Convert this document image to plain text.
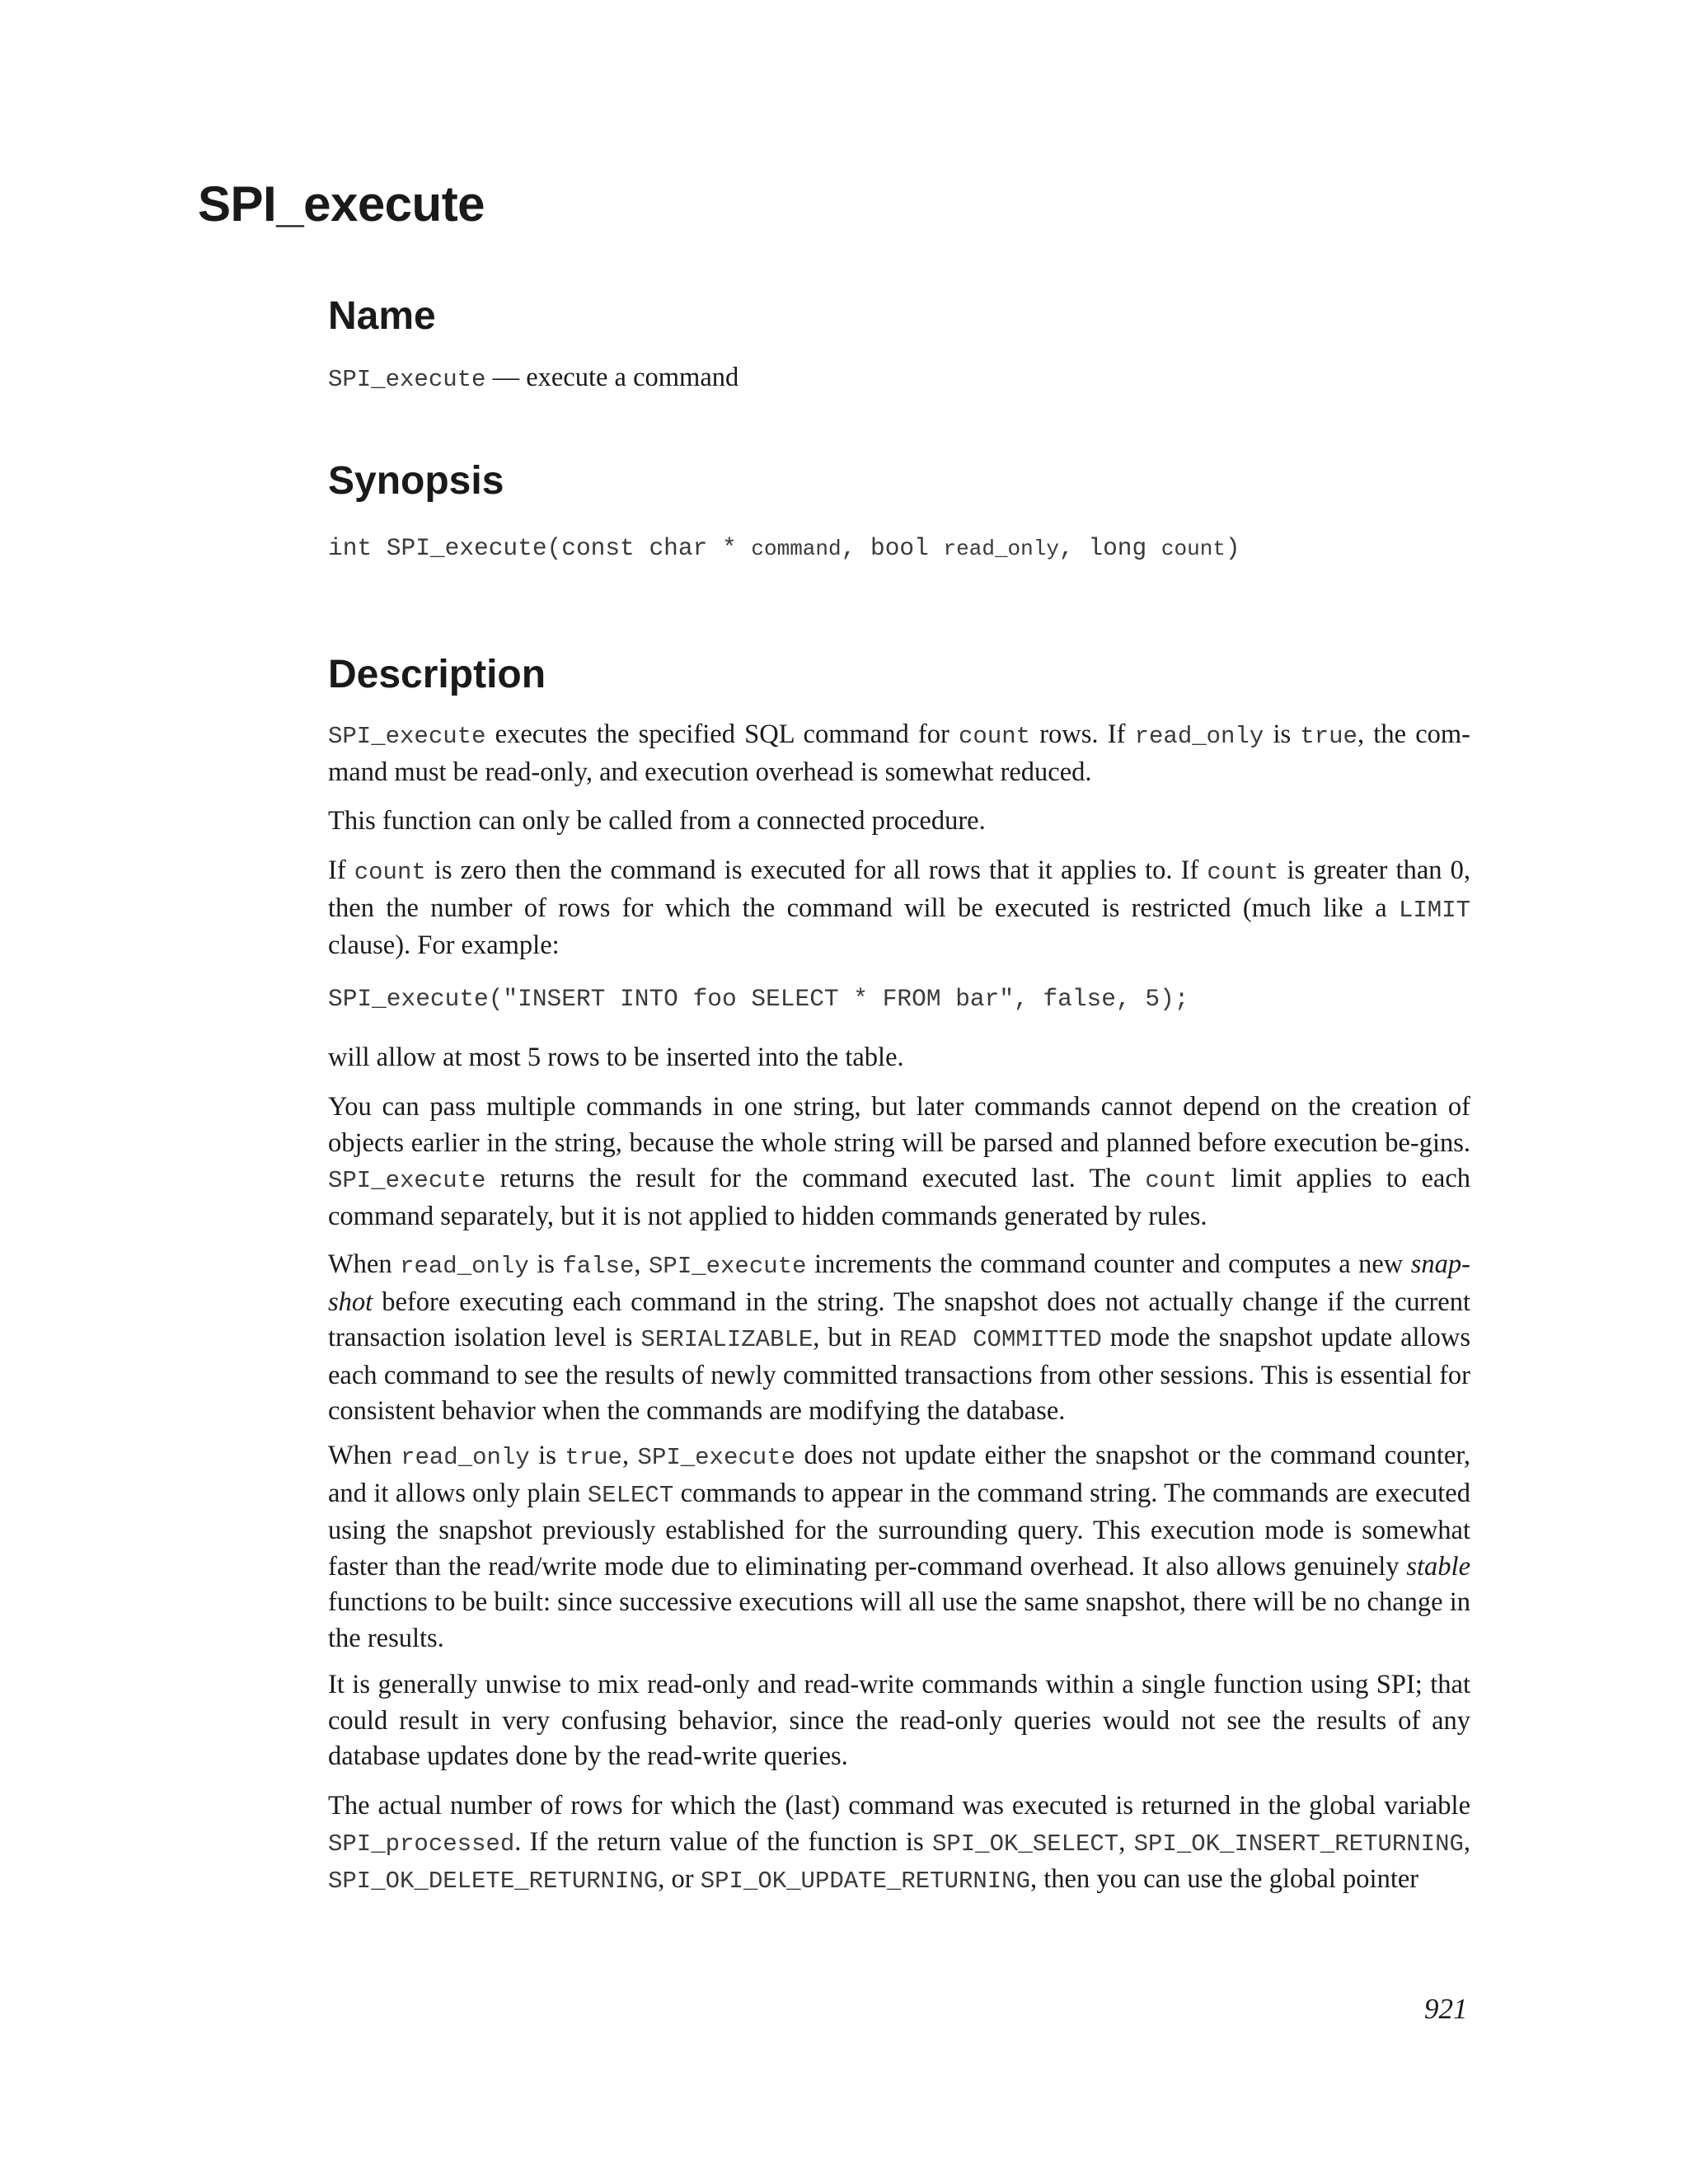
SPI_execute
Name

SPI_execute — execute a command

Synopsis
int SPI_execute(const char * command, bool read_only, long count)
Description

SPI_execute executes the specified SQL command for count rows. If read_only is true, the com-mand must be read-only, and execution overhead is somewhat reduced.

This function can only be called from a connected procedure.

If count is zero then the command is executed for all rows that it applies to. If count is greater than 0, then the number of rows for which the command will be executed is restricted (much like a LIMIT clause). For example:

SPI_execute("INSERT INTO foo SELECT * FROM bar", false, 5);

will allow at most 5 rows to be inserted into the table.

You can pass multiple commands in one string, but later commands cannot depend on the creation of objects earlier in the string, because the whole string will be parsed and planned before execution be-gins. SPI_execute returns the result for the command executed last. The count limit applies to each command separately, but it is not applied to hidden commands generated by rules.

When read_only is false, SPI_execute increments the command counter and computes a new snap-shot before executing each command in the string. The snapshot does not actually change if the current transaction isolation level is SERIALIZABLE, but in READ COMMITTED mode the snapshot update allows each command to see the results of newly committed transactions from other sessions. This is essential for consistent behavior when the commands are modifying the database.

When read_only is true, SPI_execute does not update either the snapshot or the command counter, and it allows only plain SELECT commands to appear in the command string. The commands are executed using the snapshot previously established for the surrounding query. This execution mode is somewhat faster than the read/write mode due to eliminating per-command overhead. It also allows genuinely stable functions to be built: since successive executions will all use the same snapshot, there will be no change in the results.

It is generally unwise to mix read-only and read-write commands within a single function using SPI; that could result in very confusing behavior, since the read-only queries would not see the results of any database updates done by the read-write queries.

The actual number of rows for which the (last) command was executed is returned in the global variable SPI_processed. If the return value of the function is SPI_OK_SELECT, SPI_OK_INSERT_RETURNING, SPI_OK_DELETE_RETURNING, or SPI_OK_UPDATE_RETURNING, then you can use the global pointer

921
